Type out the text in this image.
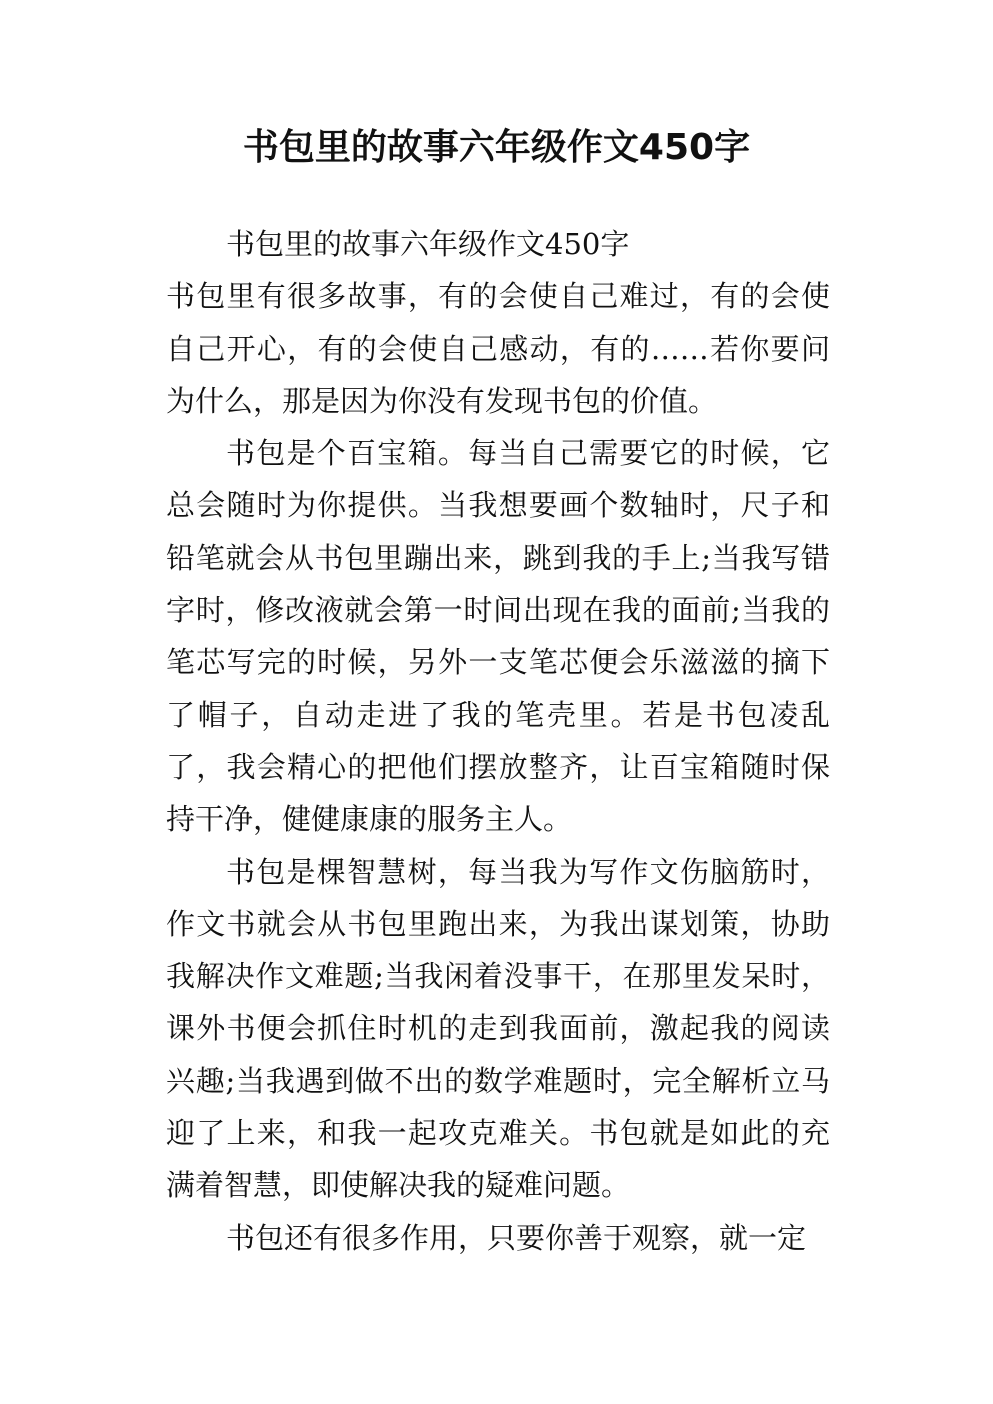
书包里的故事六年级作文450字

书包里的故事六年级作文450字

书包里有很多故事，有的会使自己难过，有的会使自己开心，有的会使自己感动，有的……若你要问为什么，那是因为你没有发现书包的价值。

书包是个百宝箱。每当自己需要它的时候，它总会随时为你提供。当我想要画个数轴时，尺子和铅笔就会从书包里蹦出来，跳到我的手上;当我写错字时，修改液就会第一时间出现在我的面前;当我的笔芯写完的时候，另外一支笔芯便会乐滋滋的摘下了帽子，自动走进了我的笔壳里。若是书包凌乱了，我会精心的把他们摆放整齐，让百宝箱随时保持干净，健健康康的服务主人。

书包是棵智慧树，每当我为写作文伤脑筋时，作文书就会从书包里跑出来，为我出谋划策，协助我解决作文难题;当我闲着没事干，在那里发呆时，课外书便会抓住时机的走到我面前，激起我的阅读兴趣;当我遇到做不出的数学难题时，完全解析立马迎了上来，和我一起攻克难关。书包就是如此的充满着智慧，即使解决我的疑难问题。

书包还有很多作用，只要你善于观察，就一定
